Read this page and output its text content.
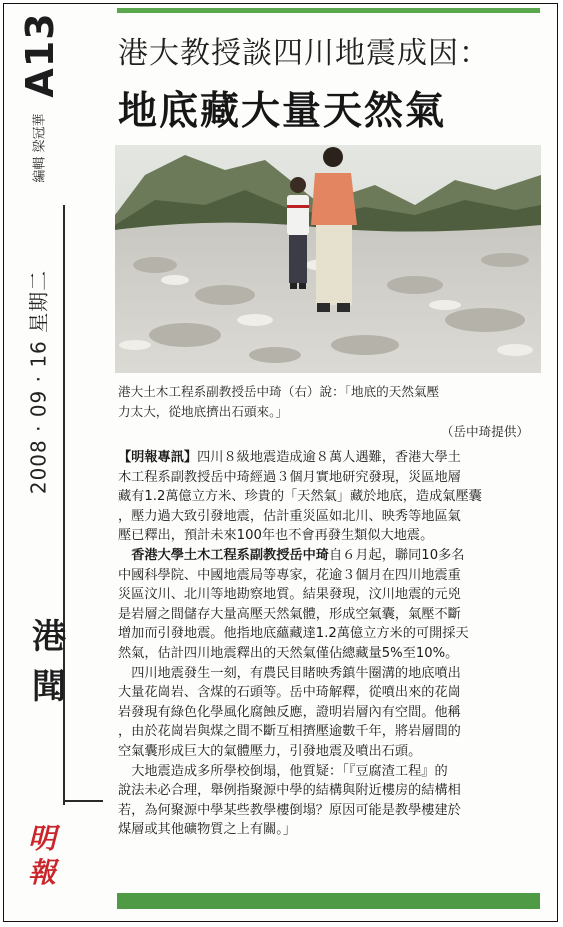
A13
編輯 梁冠華
2008 · 09 · 16 星期二
港
聞
明
報
港大教授談四川地震成因：
地底藏大量天然氣
港大土木工程系副教授岳中琦（右）說：「地底的天然氣壓
力太大，從地底擠出石頭來。」
（岳中琦提供）
【明報專訊】四川８級地震造成逾８萬人遇難，香港大學土
木工程系副教授岳中琦經過３個月實地研究發現，災區地層
藏有1.2萬億立方米、珍貴的「天然氣」藏於地底，造成氣壓囊
，壓力過大致引發地震，估計重災區如北川、映秀等地區氣
壓已釋出，預計未來100年也不會再發生類似大地震。
　香港大學土木工程系副教授岳中琦自６月起，聯同10多名
中國科學院、中國地震局等專家，花逾３個月在四川地震重
災區汶川、北川等地勘察地質。結果發現，汶川地震的元兇
是岩層之間儲存大量高壓天然氣體，形成空氣囊，氣壓不斷
增加而引發地震。他指地底蘊藏達1.2萬億立方米的可開採天
然氣，估計四川地震釋出的天然氣僅佔總藏量5%至10%。
　四川地震發生一刻，有農民目睹映秀鎮牛圈溝的地底噴出
大量花崗岩、含煤的石頭等。岳中琦解釋，從噴出來的花崗
岩發現有綠色化學風化腐蝕反應，證明岩層內有空間。他稱
，由於花崗岩與煤之間不斷互相擠壓逾數千年，將岩層間的
空氣囊形成巨大的氣體壓力，引發地震及噴出石頭。
　大地震造成多所學校倒塌，他質疑：「『豆腐渣工程』的
說法未必合理，舉例指聚源中學的結構與附近樓房的結構相
若，為何聚源中學某些教學樓倒塌？原因可能是教學樓建於
煤層或其他礦物質之上有關。」
